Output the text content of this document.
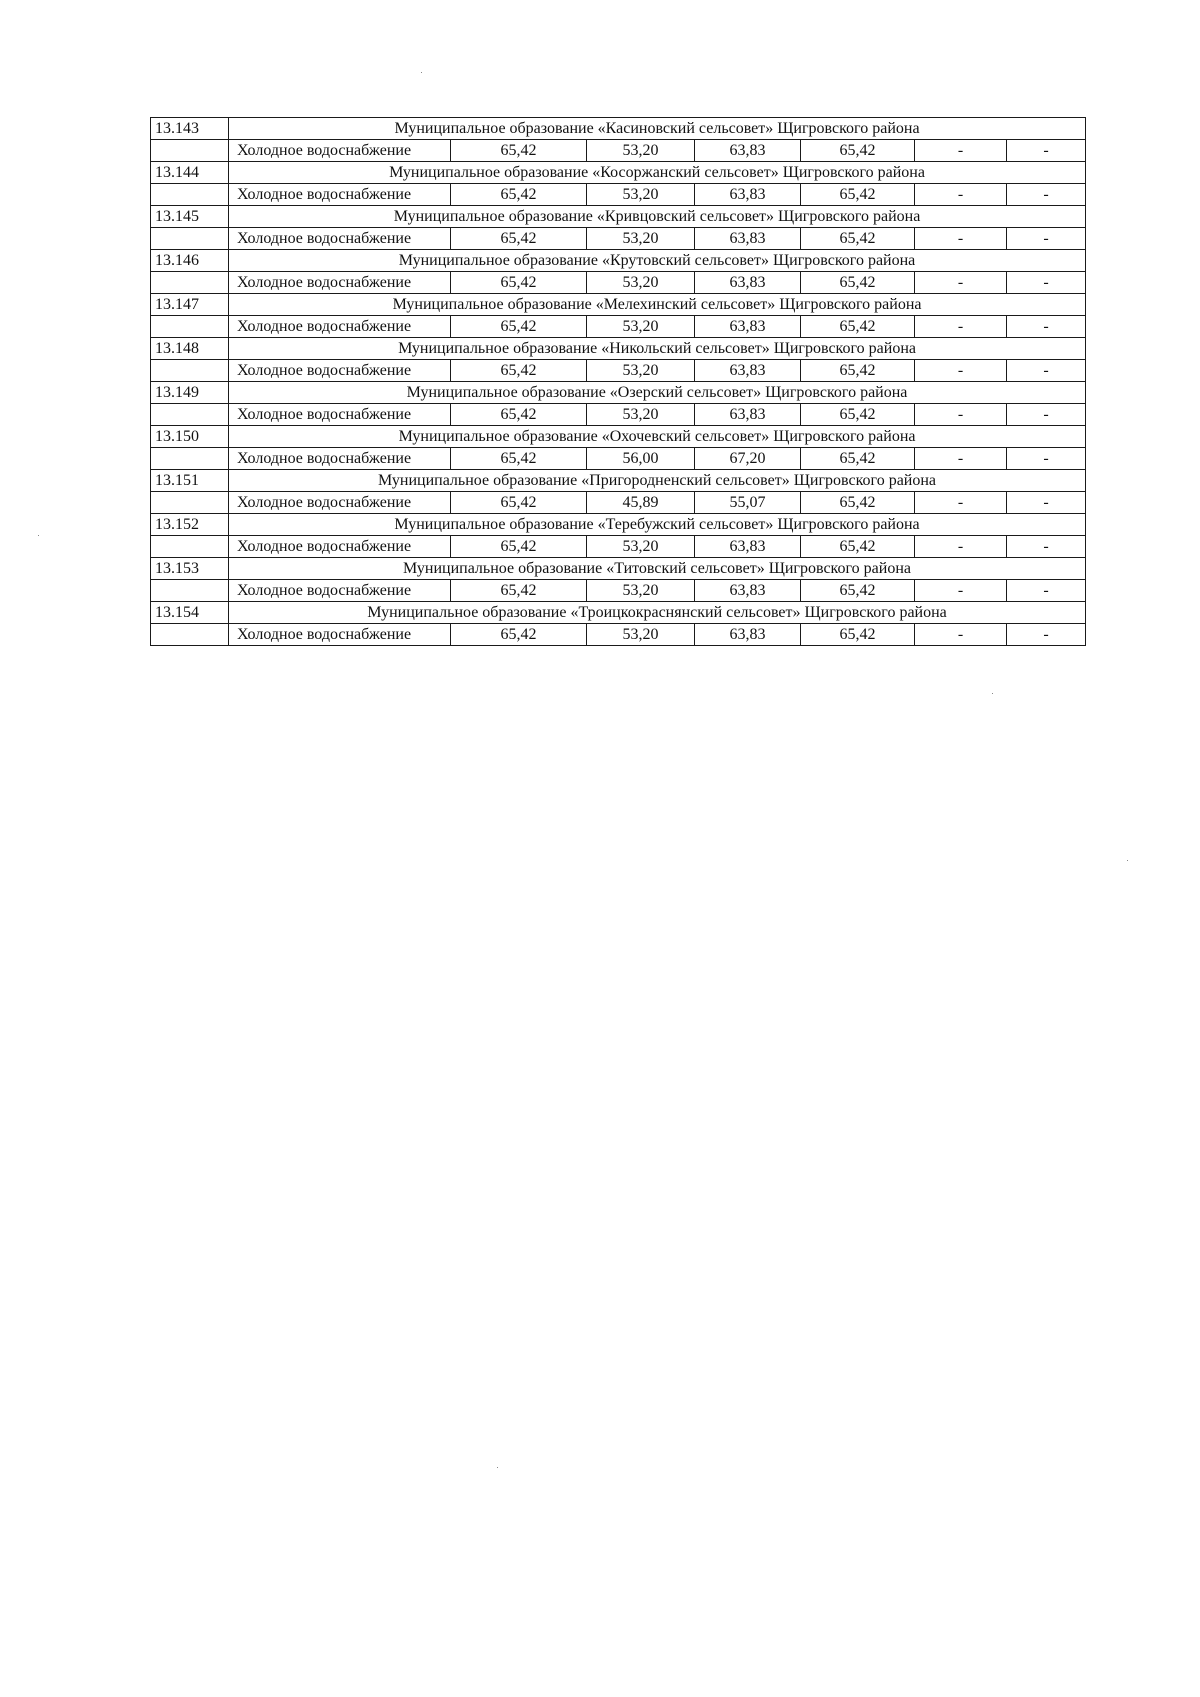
13.143	Муниципальное образование «Касиновский сельсовет» Щигровского района						
	Холодное водоснабжение	65,42	53,20	63,83	65,42	-	-
13.144	Муниципальное образование «Косоржанский сельсовет» Щигровского района						
	Холодное водоснабжение	65,42	53,20	63,83	65,42	-	-
13.145	Муниципальное образование «Кривцовский сельсовет» Щигровского района						
	Холодное водоснабжение	65,42	53,20	63,83	65,42	-	-
13.146	Муниципальное образование «Крутовский сельсовет» Щигровского района						
	Холодное водоснабжение	65,42	53,20	63,83	65,42	-	-
13.147	Муниципальное образование «Мелехинский сельсовет» Щигровского района						
	Холодное водоснабжение	65,42	53,20	63,83	65,42	-	-
13.148	Муниципальное образование «Никольский сельсовет» Щигровского района						
	Холодное водоснабжение	65,42	53,20	63,83	65,42	-	-
13.149	Муниципальное образование «Озерский сельсовет» Щигровского района						
	Холодное водоснабжение	65,42	53,20	63,83	65,42	-	-
13.150	Муниципальное образование «Охочевский сельсовет» Щигровского района						
	Холодное водоснабжение	65,42	56,00	67,20	65,42	-	-
13.151	Муниципальное образование «Пригородненский сельсовет» Щигровского района						
	Холодное водоснабжение	65,42	45,89	55,07	65,42	-	-
13.152	Муниципальное образование «Теребужский сельсовет» Щигровского района						
	Холодное водоснабжение	65,42	53,20	63,83	65,42	-	-
13.153	Муниципальное образование «Титовский сельсовет» Щигровского района						
	Холодное водоснабжение	65,42	53,20	63,83	65,42	-	-
13.154	Муниципальное образование «Троицкокраснянский сельсовет» Щигровского района						
	Холодное водоснабжение	65,42	53,20	63,83	65,42	-	-
